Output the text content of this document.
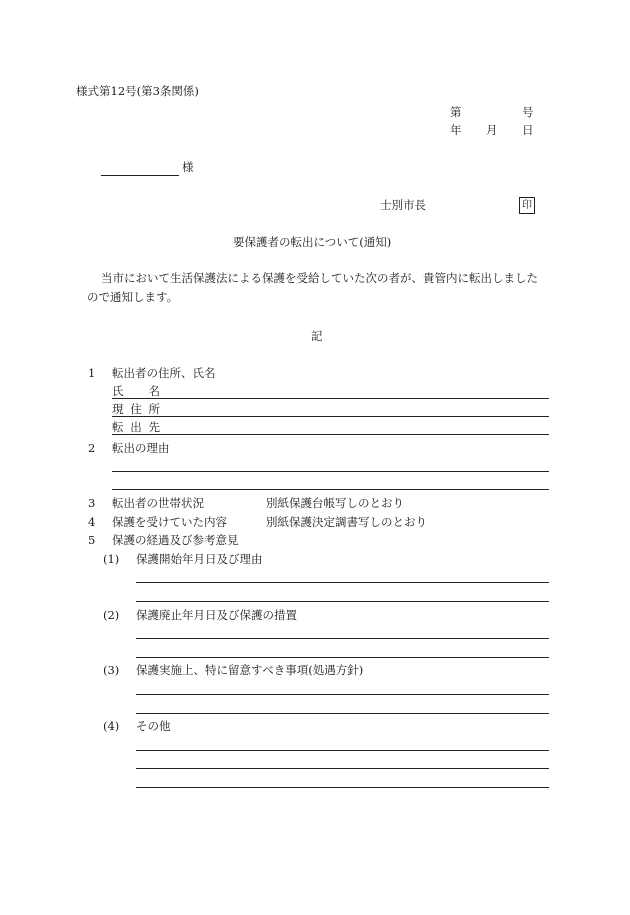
様式第12号(第3条関係)
第	号
年 月 日
様
士別市長	印
要保護者の転出について(通知)
当市において生活保護法による保護を受給していた次の者が、貴管内に転出しました
ので通知します。
記
1 転出者の住所、氏名
氏　名
現住所
転出先
2 転出の理由
3 転出者の世帯状況	別紙保護台帳写しのとおり
4 保護を受けていた内容	別紙保護決定調書写しのとおり
5 保護の経過及び参考意見
(1) 保護開始年月日及び理由
(2) 保護廃止年月日及び保護の措置
(3) 保護実施上、特に留意すべき事項(処遇方針)
(4) その他
